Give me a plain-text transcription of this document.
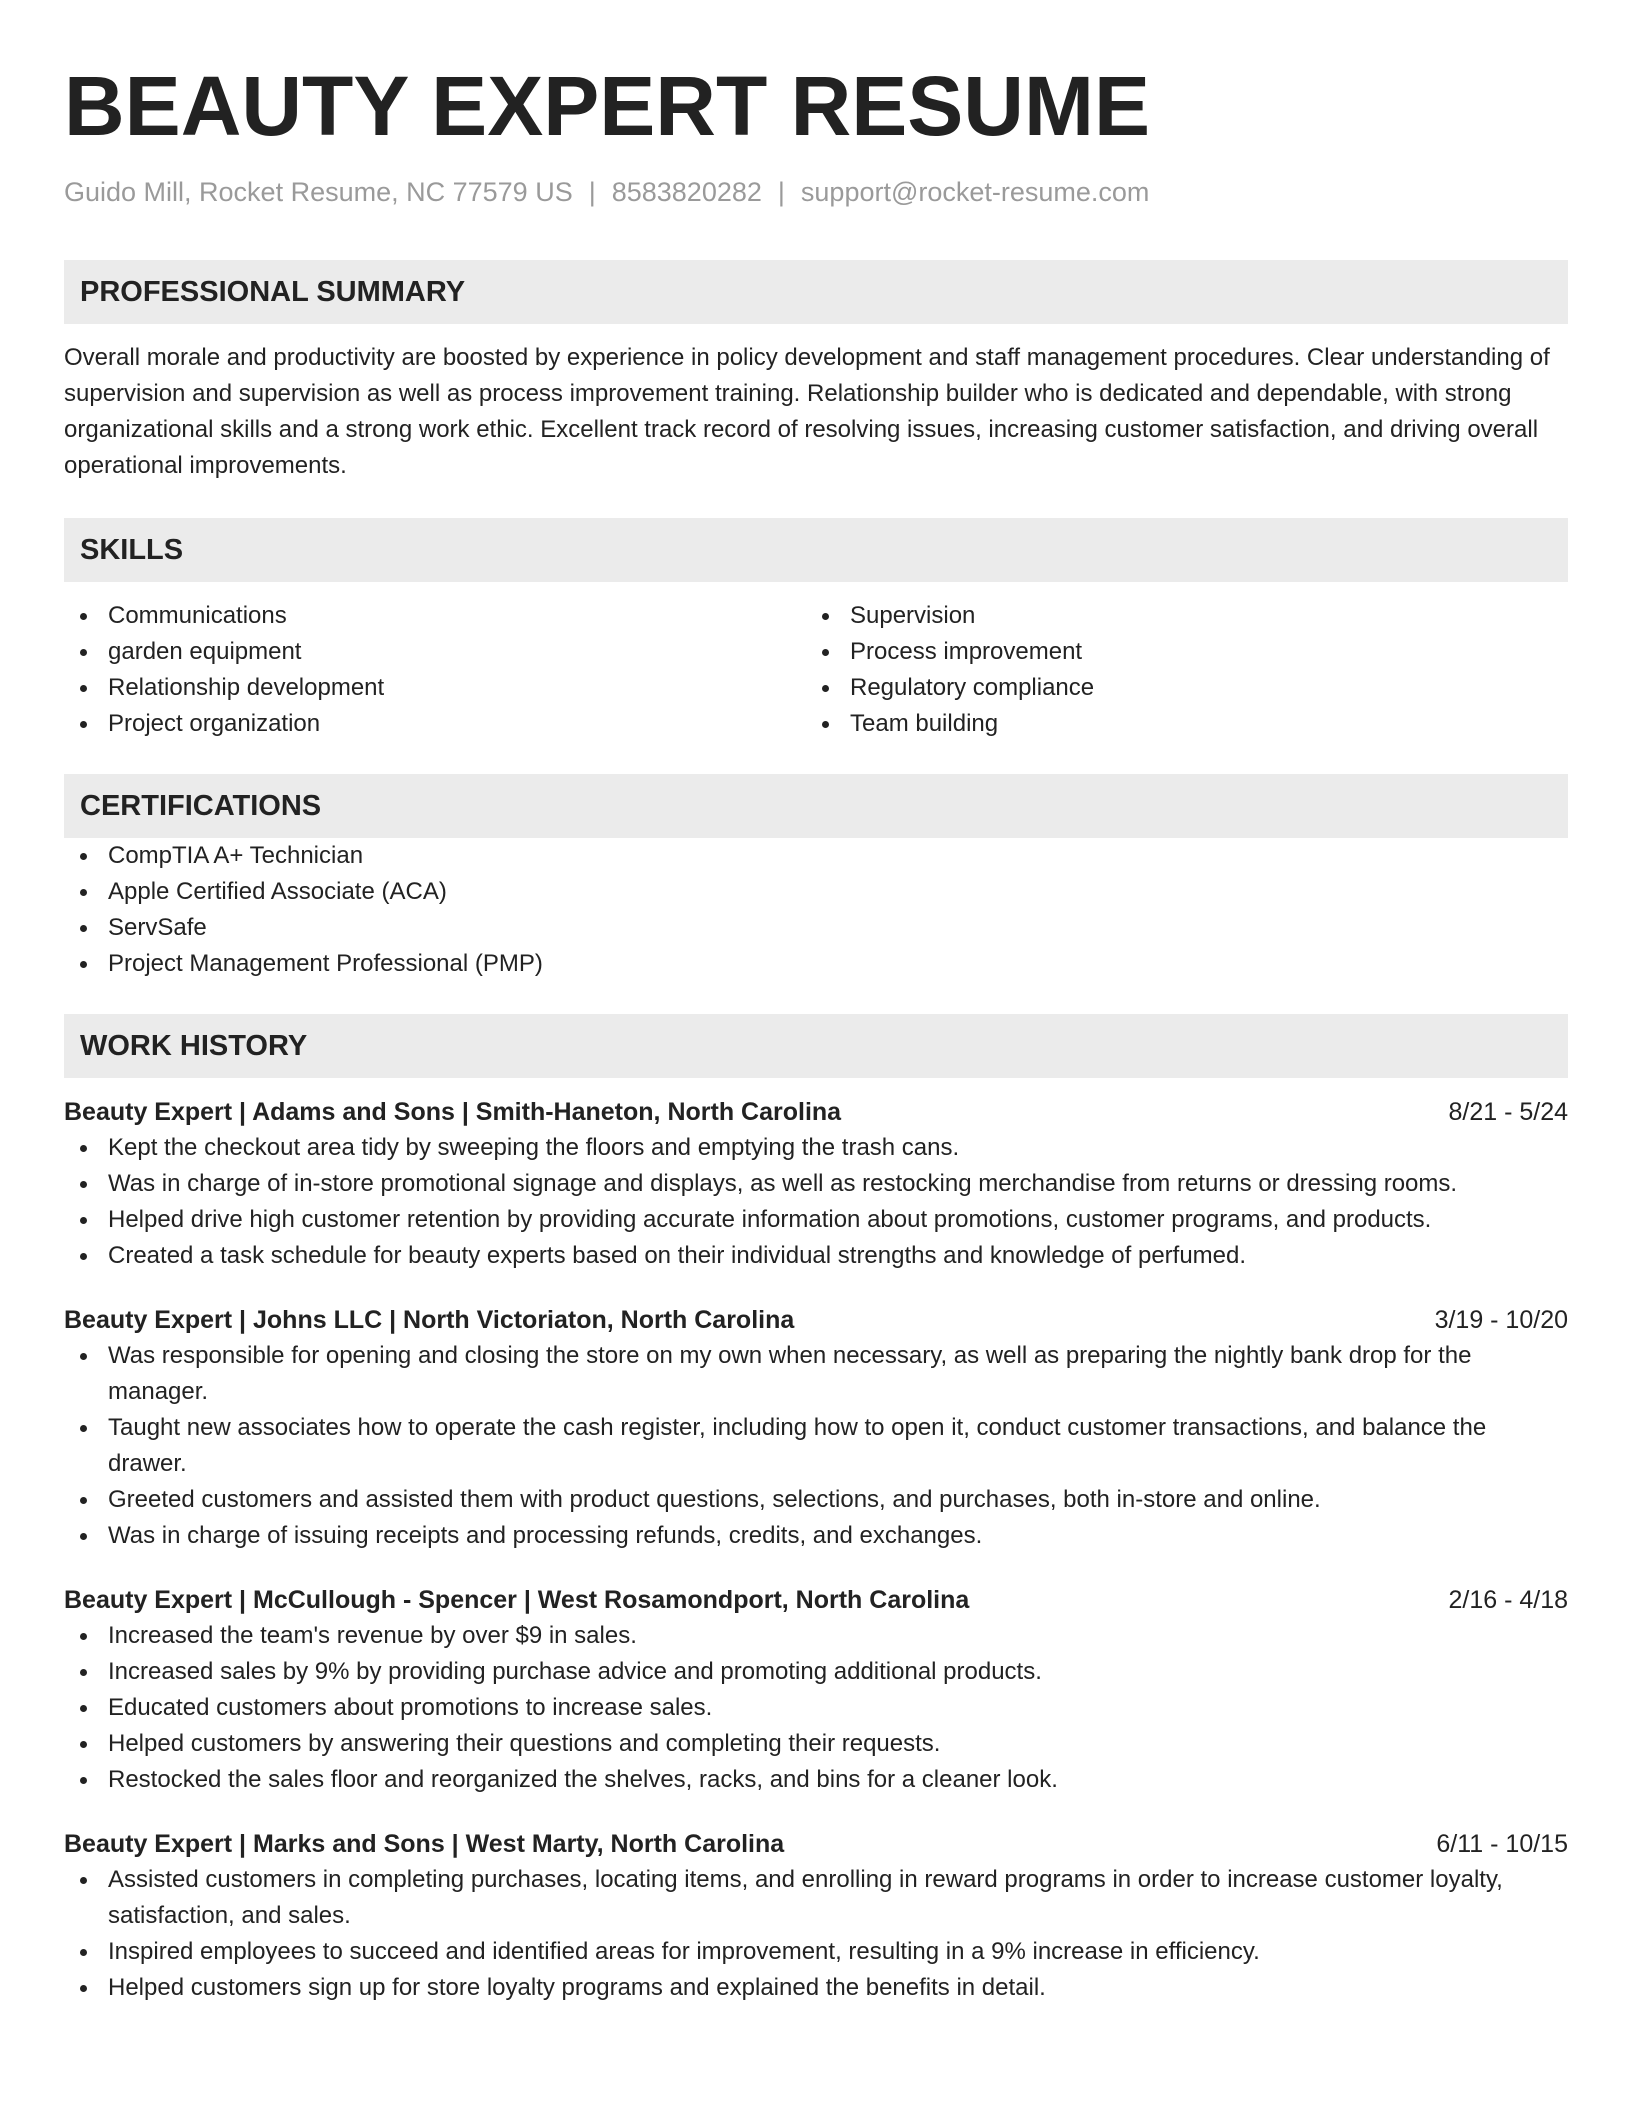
BEAUTY EXPERT RESUME
Guido Mill, Rocket Resume, NC 77579 US | 8583820282 | support@rocket-resume.com
PROFESSIONAL SUMMARY
Overall morale and productivity are boosted by experience in policy development and staff management procedures. Clear understanding of supervision and supervision as well as process improvement training. Relationship builder who is dedicated and dependable, with strong organizational skills and a strong work ethic. Excellent track record of resolving issues, increasing customer satisfaction, and driving overall operational improvements.
SKILLS
Communications
garden equipment
Relationship development
Project organization
Supervision
Process improvement
Regulatory compliance
Team building
CERTIFICATIONS
CompTIA A+ Technician
Apple Certified Associate (ACA)
ServSafe
Project Management Professional (PMP)
WORK HISTORY
Beauty Expert | Adams and Sons | Smith-Haneton, North Carolina	8/21 - 5/24
Kept the checkout area tidy by sweeping the floors and emptying the trash cans.
Was in charge of in-store promotional signage and displays, as well as restocking merchandise from returns or dressing rooms.
Helped drive high customer retention by providing accurate information about promotions, customer programs, and products.
Created a task schedule for beauty experts based on their individual strengths and knowledge of perfumed.
Beauty Expert | Johns LLC | North Victoriaton, North Carolina	3/19 - 10/20
Was responsible for opening and closing the store on my own when necessary, as well as preparing the nightly bank drop for the manager.
Taught new associates how to operate the cash register, including how to open it, conduct customer transactions, and balance the drawer.
Greeted customers and assisted them with product questions, selections, and purchases, both in-store and online.
Was in charge of issuing receipts and processing refunds, credits, and exchanges.
Beauty Expert | McCullough - Spencer | West Rosamondport, North Carolina	2/16 - 4/18
Increased the team's revenue by over $9 in sales.
Increased sales by 9% by providing purchase advice and promoting additional products.
Educated customers about promotions to increase sales.
Helped customers by answering their questions and completing their requests.
Restocked the sales floor and reorganized the shelves, racks, and bins for a cleaner look.
Beauty Expert | Marks and Sons | West Marty, North Carolina	6/11 - 10/15
Assisted customers in completing purchases, locating items, and enrolling in reward programs in order to increase customer loyalty, satisfaction, and sales.
Inspired employees to succeed and identified areas for improvement, resulting in a 9% increase in efficiency.
Helped customers sign up for store loyalty programs and explained the benefits in detail.
